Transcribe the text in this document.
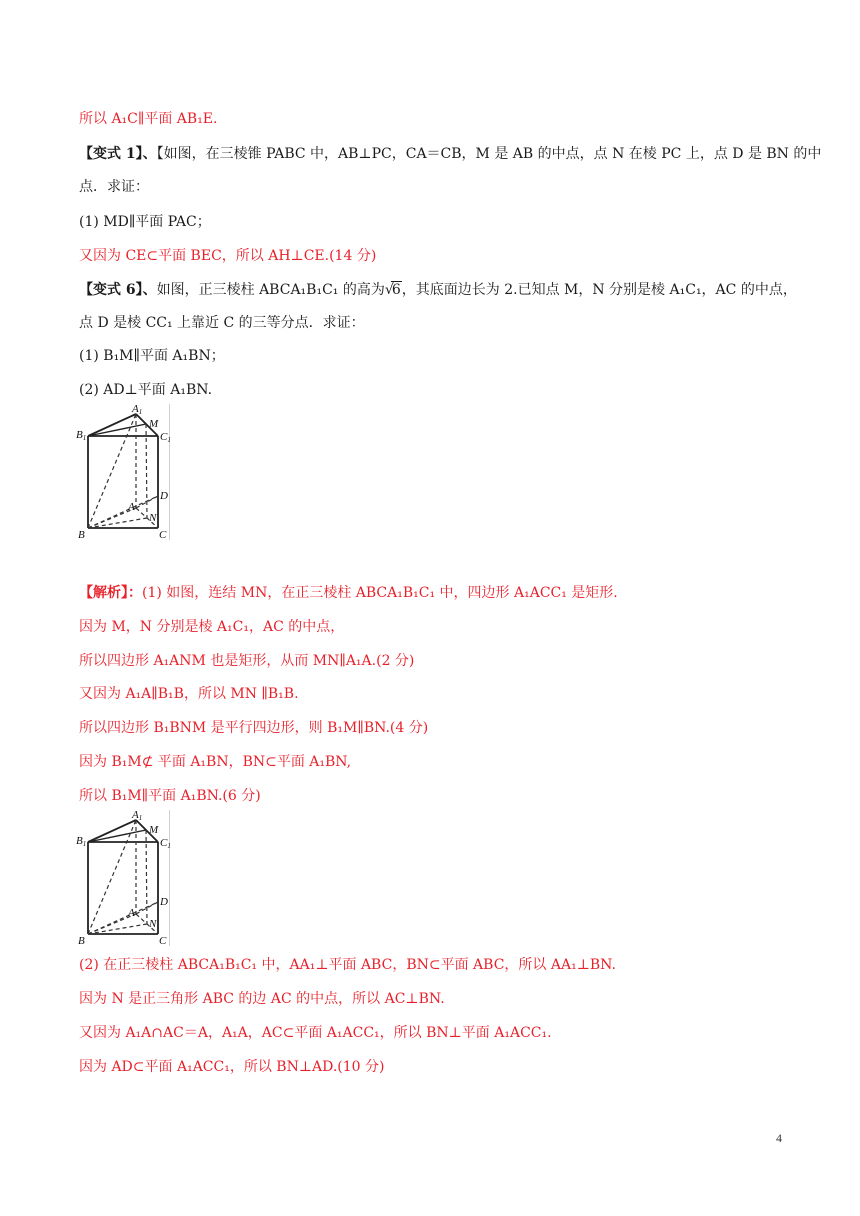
所以 A₁C∥平面 AB₁E.
【变式 1】、【如图，在三棱锥 PABC 中，AB⊥PC，CA＝CB，M 是 AB 的中点，点 N 在棱 PC 上，点 D 是 BN 的中
点．求证：
(1) MD∥平面 PAC；
又因为 CE⊂平面 BEC，所以 AH⊥CE.(14 分)
【变式 6】、如图，正三棱柱 ABCA₁B₁C₁ 的高为 √
6，其底面边长为 2.已知点 M，N 分别是棱 A₁C₁，AC 的中点，
点 D 是棱 CC₁ 上靠近 C 的三等分点．求证：
(1) B₁M∥平面 A₁BN；
(2) AD⊥平面 A₁BN.
A1
M
B1	C1
D
A
N
B	C
【解析】：(1) 如图，连结 MN，在正三棱柱 ABCA₁B₁C₁ 中，四边形 A₁ACC₁ 是矩形.
因为 M，N 分别是棱 A₁C₁，AC 的中点，
所以四边形 A₁ANM 也是矩形，从而 MN∥A₁A.(2 分)
又因为 A₁A∥B₁B，所以 MN ∥B₁B.
所以四边形 B₁BNM 是平行四边形，则 B₁M∥BN.(4 分)
因为 B₁M⊄ 平面 A₁BN，BN⊂平面 A₁BN,
所以 B₁M∥平面 A₁BN.(6 分)
A1
M
B1	C1
D
A
N
B	C
(2) 在正三棱柱 ABCA₁B₁C₁ 中，AA₁⊥平面 ABC，BN⊂平面 ABC，所以 AA₁⊥BN.
因为 N 是正三角形 ABC 的边 AC 的中点，所以 AC⊥BN.
又因为 A₁A∩AC＝A，A₁A，AC⊂平面 A₁ACC₁，所以 BN⊥平面 A₁ACC₁.
因为 AD⊂平面 A₁ACC₁，所以 BN⊥AD.(10 分)
4
